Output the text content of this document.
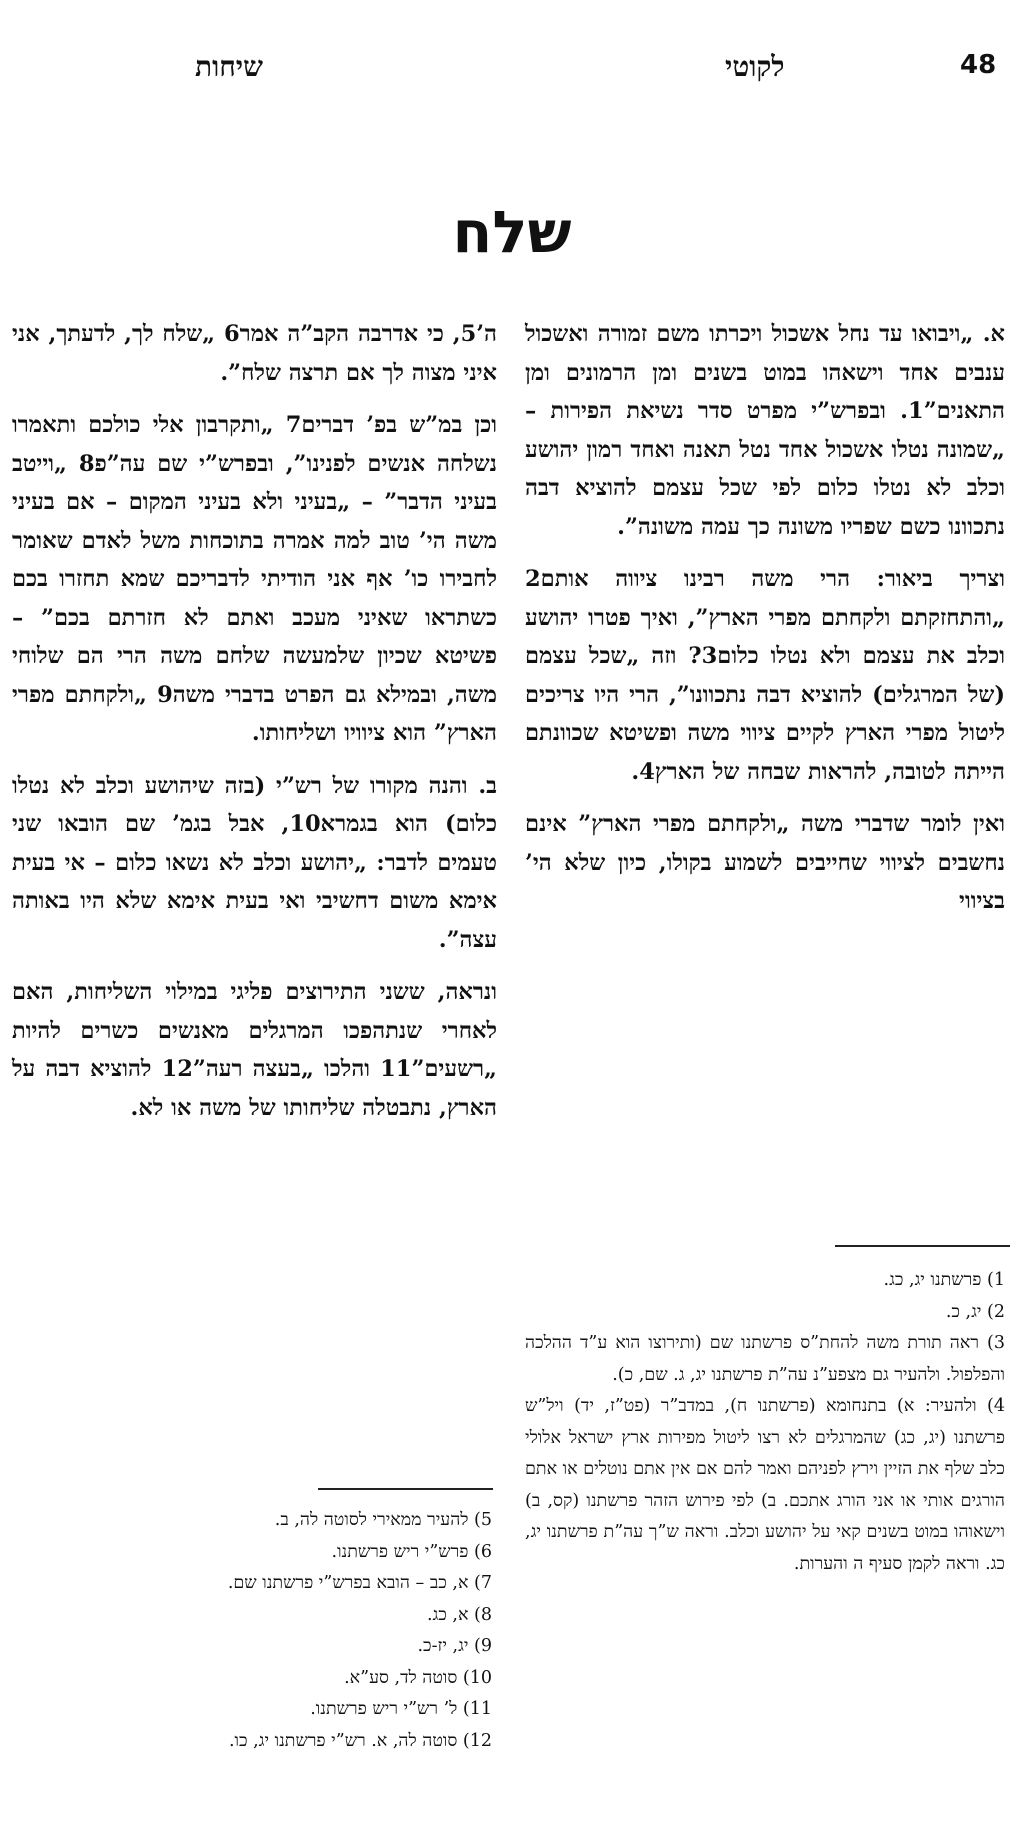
48
לקוטי
שיחות
שלח

א. „ויבואו עד נחל אשכול ויכרתו משם זמורה ואשכול ענבים אחד וישאהו במוט בשנים ומן הרמונים ומן התאנים”1. ובפרש”י מפרט סדר נשיאת הפירות – „שמונה נטלו אשכול אחד נטל תאנה ואחד רמון יהושע וכלב לא נטלו כלום לפי שכל עצמם להוציא דבה נתכוונו כשם שפריו משונה כך עמה משונה”.

וצריך ביאור: הרי משה רבינו ציווה אותם2 „והתחזקתם ולקחתם מפרי הארץ”, ואיך פטרו יהושע וכלב את עצמם ולא נטלו כלום3? וזה „שכל עצמם (של המרגלים) להוציא דבה נתכוונו”, הרי היו צריכים ליטול מפרי הארץ לקיים ציווי משה ופשיטא שכוונתם הייתה לטובה, להראות שבחה של הארץ4.

ואין לומר שדברי משה „ולקחתם מפרי הארץ” אינם נחשבים לציווי שחייבים לשמוע בקולו, כיון שלא הי’ בציווי

ה’5, כי אדרבה הקב”ה אמר6 „שלח לך, לדעתך, אני איני מצוה לך אם תרצה שלח”.

וכן במ”ש בפ’ דברים7 „ותקרבון אלי כולכם ותאמרו נשלחה אנשים לפנינו”, ובפרש”י שם עה”פ8 „וייטב בעיני הדבר” – „בעיני ולא בעיני המקום – אם בעיני משה הי’ טוב למה אמרה בתוכחות משל לאדם שאומר לחבירו כו’ אף אני הודיתי לדבריכם שמא תחזרו בכם כשתראו שאיני מעכב ואתם לא חזרתם בכם” – פשיטא שכיון שלמעשה שלחם משה הרי הם שלוחי משה, ובמילא גם הפרט בדברי משה9 „ולקחתם מפרי הארץ” הוא ציוויו ושליחותו.

ב. והנה מקורו של רש”י (בזה שיהושע וכלב לא נטלו כלום) הוא בגמרא10, אבל בגמ’ שם הובאו שני טעמים לדבר: „יהושע וכלב לא נשאו כלום – אי בעית אימא משום דחשיבי ואי בעית אימא שלא היו באותה עצה”.

ונראה, ששני התירוצים פליגי במילוי השליחות, האם לאחרי שנתהפכו המרגלים מאנשים כשרים להיות „רשעים”11 והלכו „בעצה רעה”12 להוציא דבה על הארץ, נתבטלה שליחותו של משה או לא.

1) פרשתנו יג, כג.
2) יג, כ.
3) ראה תורת משה להחת”ס פרשתנו שם (ותירוצו הוא ע”ד ההלכה והפלפול. ולהעיר גם מצפע”נ עה”ת פרשתנו יג, ג. שם, כ).
4) ולהעיר: א) בתנחומא (פרשתנו ח), במדב”ר (פט”ז, יד) ויל”ש פרשתנו (יג, כג) שהמרגלים לא רצו ליטול מפירות ארץ ישראל אלולי כלב שלף את הזיין וירץ לפניהם ואמר להם אם אין אתם נוטלים או אתם הורגים אותי או אני הורג אתכם. ב) לפי פירוש הזהר פרשתנו (קס, ב) וישאוהו במוט בשנים קאי על יהושע וכלב. וראה ש”ך עה”ת פרשתנו יג, כג. וראה לקמן סעיף ה והערות.
5) להעיר ממאירי לסוטה לה, ב.
6) פרש”י ריש פרשתנו.
7) א, כב – הובא בפרש”י פרשתנו שם.
8) א, כג.
9) יג, יז-כ.
10) סוטה לד, סע”א.
11) ל’ רש”י ריש פרשתנו.
12) סוטה לה, א. רש”י פרשתנו יג, כו.
